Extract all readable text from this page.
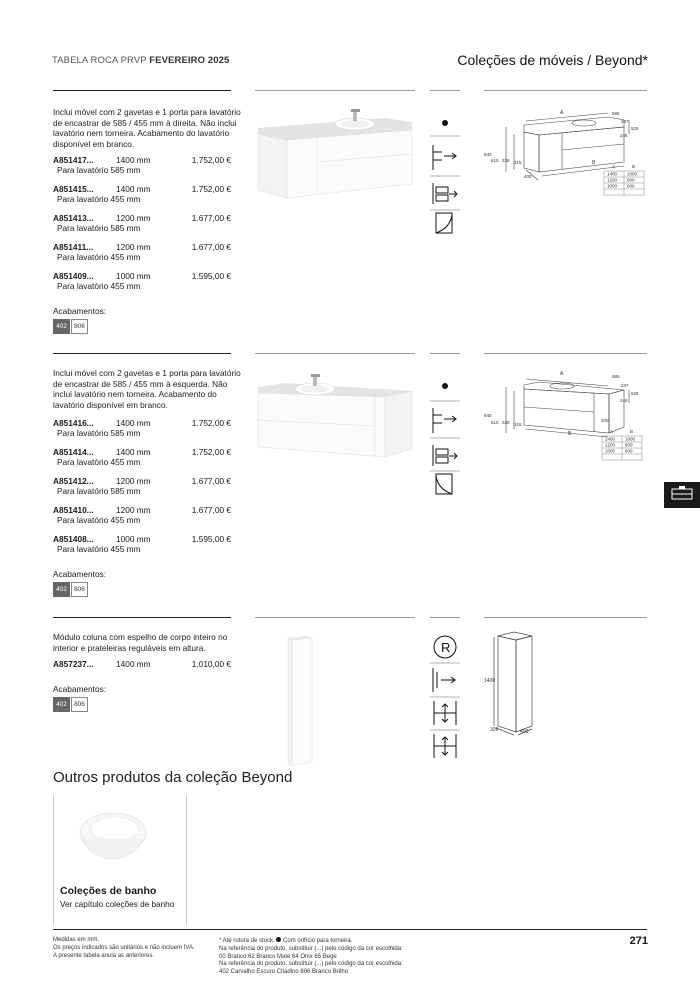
TABELA ROCA PRVP FEVEREIRO 2025	Coleções de móveis / Beyond*
Inclui móvel com 2 gavetas e 1 porta para lavatório de encastrar de 585 / 455 mm à direita. Não inclui lavatório nem torneira. Acabamento do lavatório disponível em branco.
A851417...	1400 mm	1.752,00 €
Para lavatório 585 mm
A851415...	1400 mm	1.752,00 €
Para lavatório 455 mm
A851413...	1200 mm	1.677,00 €
Para lavatório 585 mm
A851411...	1200 mm	1.677,00 €
Para lavatório 455 mm
A851409...	1000 mm	1.595,00 €
Para lavatório 455 mm
Acabamentos:
402	806
A
B
585
237
525
246
840
610 338 315
400
A	B
1400 1000
1200 800
1000 600
Inclui móvel com 2 gavetas e 1 porta para lavatório de encastrar de 585 / 455 mm à esquerda. Não inclui lavatório nem torneira. Acabamento do lavatório disponível em branco.
A851416...	1400 mm	1.752,00 €
Para lavatório 585 mm
A851414...	1400 mm	1.752,00 €
Para lavatório 455 mm
A851412...	1200 mm	1.677,00 €
Para lavatório 585 mm
A851410...	1200 mm	1.677,00 €
Para lavatório 455 mm
A851408...	1000 mm	1.595,00 €
Para lavatório 455 mm
Acabamentos:
402	806
A
B
585
237
525
246
840
610 338 315
400
A	B
1400 1000
1200 800
1000 600
Módulo coluna com espelho de corpo inteiro no interior e prateleiras reguláveis em altura.
A857237...	1400 mm	1.010,00 €
Acabamentos:
402	806
R
1400
309	400
Outros produtos da coleção Beyond
Coleções de banho
Ver capítulo coleções de banho
Medidas em mm.
Os preços indicados são unitários e não incluem IVA.
A presente tabela anula as anteriores.
* Até rutura de stock. Com orifício para torneira.
Na referência do produto, substituir (...) pelo código da cor escolhida:
00 Branco 62 Branco Mate 64 Onix 65 Bege
Na referência do produto, substituir (...) pelo código da cor escolhida:
402 Carvalho Escuro Citadino 806 Branco Brilho
271
